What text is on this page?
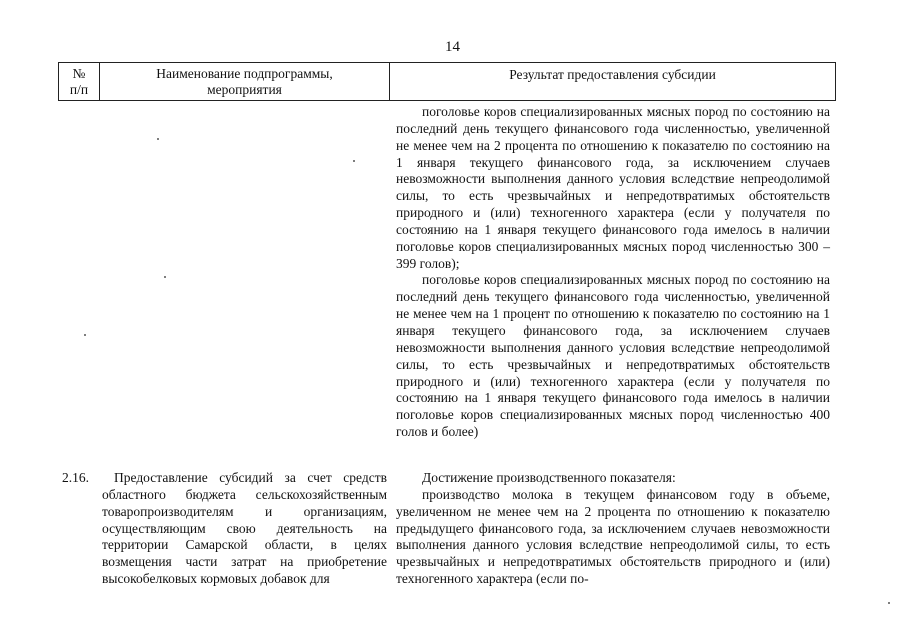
14
№
п/п
Наименование подпрограммы,
мероприятия
Результат предоставления субсидии

поголовье коров специализированных мясных пород по состоянию на последний день текущего финансового года численностью, увеличенной не менее чем на 2 процента по отношению к показателю по состоянию на 1 января текущего финансового года, за исключением случаев невозможности выполнения данного условия вследствие непреодолимой силы, то есть чрезвычайных и непредотвратимых обстоятельств природного и (или) техногенного характера (если у получателя по состоянию на 1 января текущего финансового года имелось в наличии поголовье коров специализированных мясных пород численностью 300 – 399 голов);

поголовье коров специализированных мясных пород по состоянию на последний день текущего финансового года численностью, увеличенной не менее чем на 1 процент по отношению к показателю по состоянию на 1 января текущего финансового года, за исключением случаев невозможности выполнения данного условия вследствие непреодолимой силы, то есть чрезвычайных и непредотвратимых обстоятельств природного и (или) техногенного характера (если у получателя по состоянию на 1 января текущего финансового года имелось в наличии поголовье коров специализированных мясных пород численностью 400 голов и более)

2.16.	Предоставление субсидий за счет средств областного бюджета сельскохозяйственным товаропроизводителям и организациям, осуществляющим свою деятельность на территории Самарской области, в целях возмещения части затрат на приобретение высокобелковых кормовых добавок для

Достижение производственного показателя:

производство молока в текущем финансовом году в объеме, увеличенном не менее чем на 2 процента по отношению к показателю предыдущего финансового года, за исключением случаев невозможности выполнения данного условия вследствие непреодолимой силы, то есть чрезвычайных и непредотвратимых обстоятельств природного и (или) техногенного характера (если по-
